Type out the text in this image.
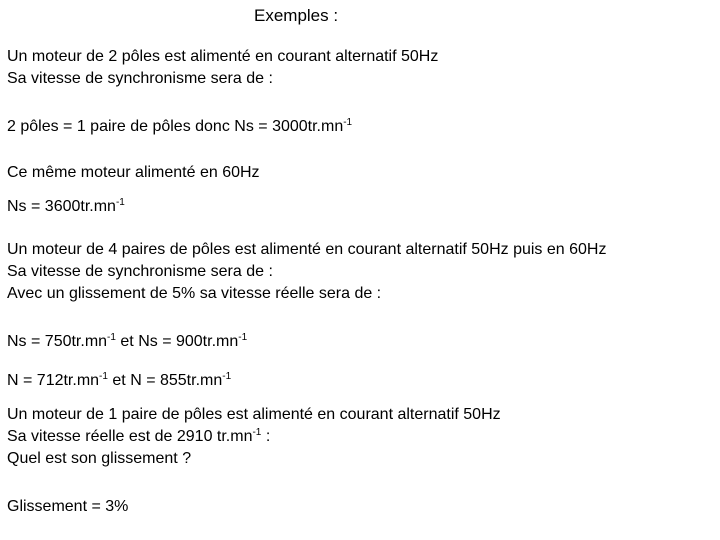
Exemples :
Un moteur de 2 pôles est alimenté en courant alternatif 50Hz
Sa vitesse de synchronisme sera de :
2 pôles = 1 paire de pôles donc $Ns = 3000tr.mn^{-1}$
Ce même moteur alimenté en 60Hz
$Ns = 3600tr.mn^{-1}$
Un moteur de 4 paires de pôles est alimenté en courant alternatif 50Hz puis en 60Hz
Sa vitesse de synchronisme sera de :
Avec un glissement de 5% sa vitesse réelle sera de :
$Ns = 750tr.mn^{-1}$ et $Ns = 900tr.mn^{-1}$
$N = 712tr.mn^{-1}$ et $N = 855tr.mn^{-1}$
Un moteur de 1 paire de pôles est alimenté en courant alternatif 50Hz
Sa vitesse réelle est de 2910 $tr.mn^{-1}$ :
Quel est son glissement ?
Glissement = 3%
